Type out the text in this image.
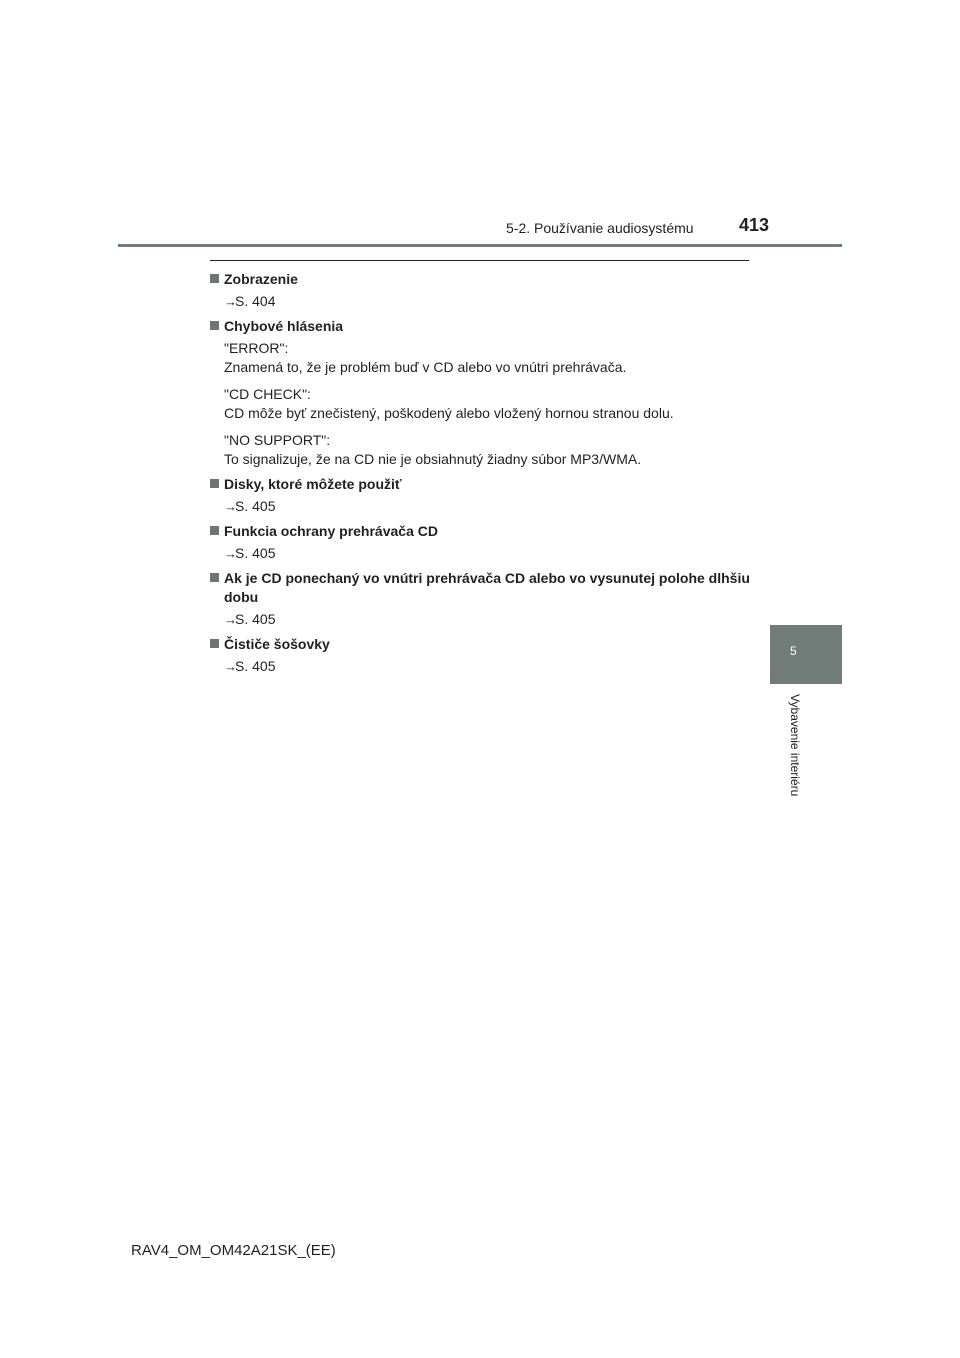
5-2. Používanie audiosystému	413
Zobrazenie
→
S. 404
Chybové hlásenia
"ERROR":
Znamená to, že je problém buď v CD alebo vo vnútri prehrávača.
"CD CHECK":
CD môže byť znečistený, poškodený alebo vložený hornou stranou dolu.
"NO SUPPORT":
To signalizuje, že na CD nie je obsiahnutý žiadny súbor MP3/WMA.
Disky, ktoré môžete použiť
→
S. 405
Funkcia ochrany prehrávača CD
→
S. 405
Ak je CD ponechaný vo vnútri prehrávača CD alebo vo vysunutej polohe dlhšiu dobu
→
S. 405
Čističe šošovky
→
S. 405
5
Vybavenie interiéru
RAV4_OM_OM42A21SK_(EE)
